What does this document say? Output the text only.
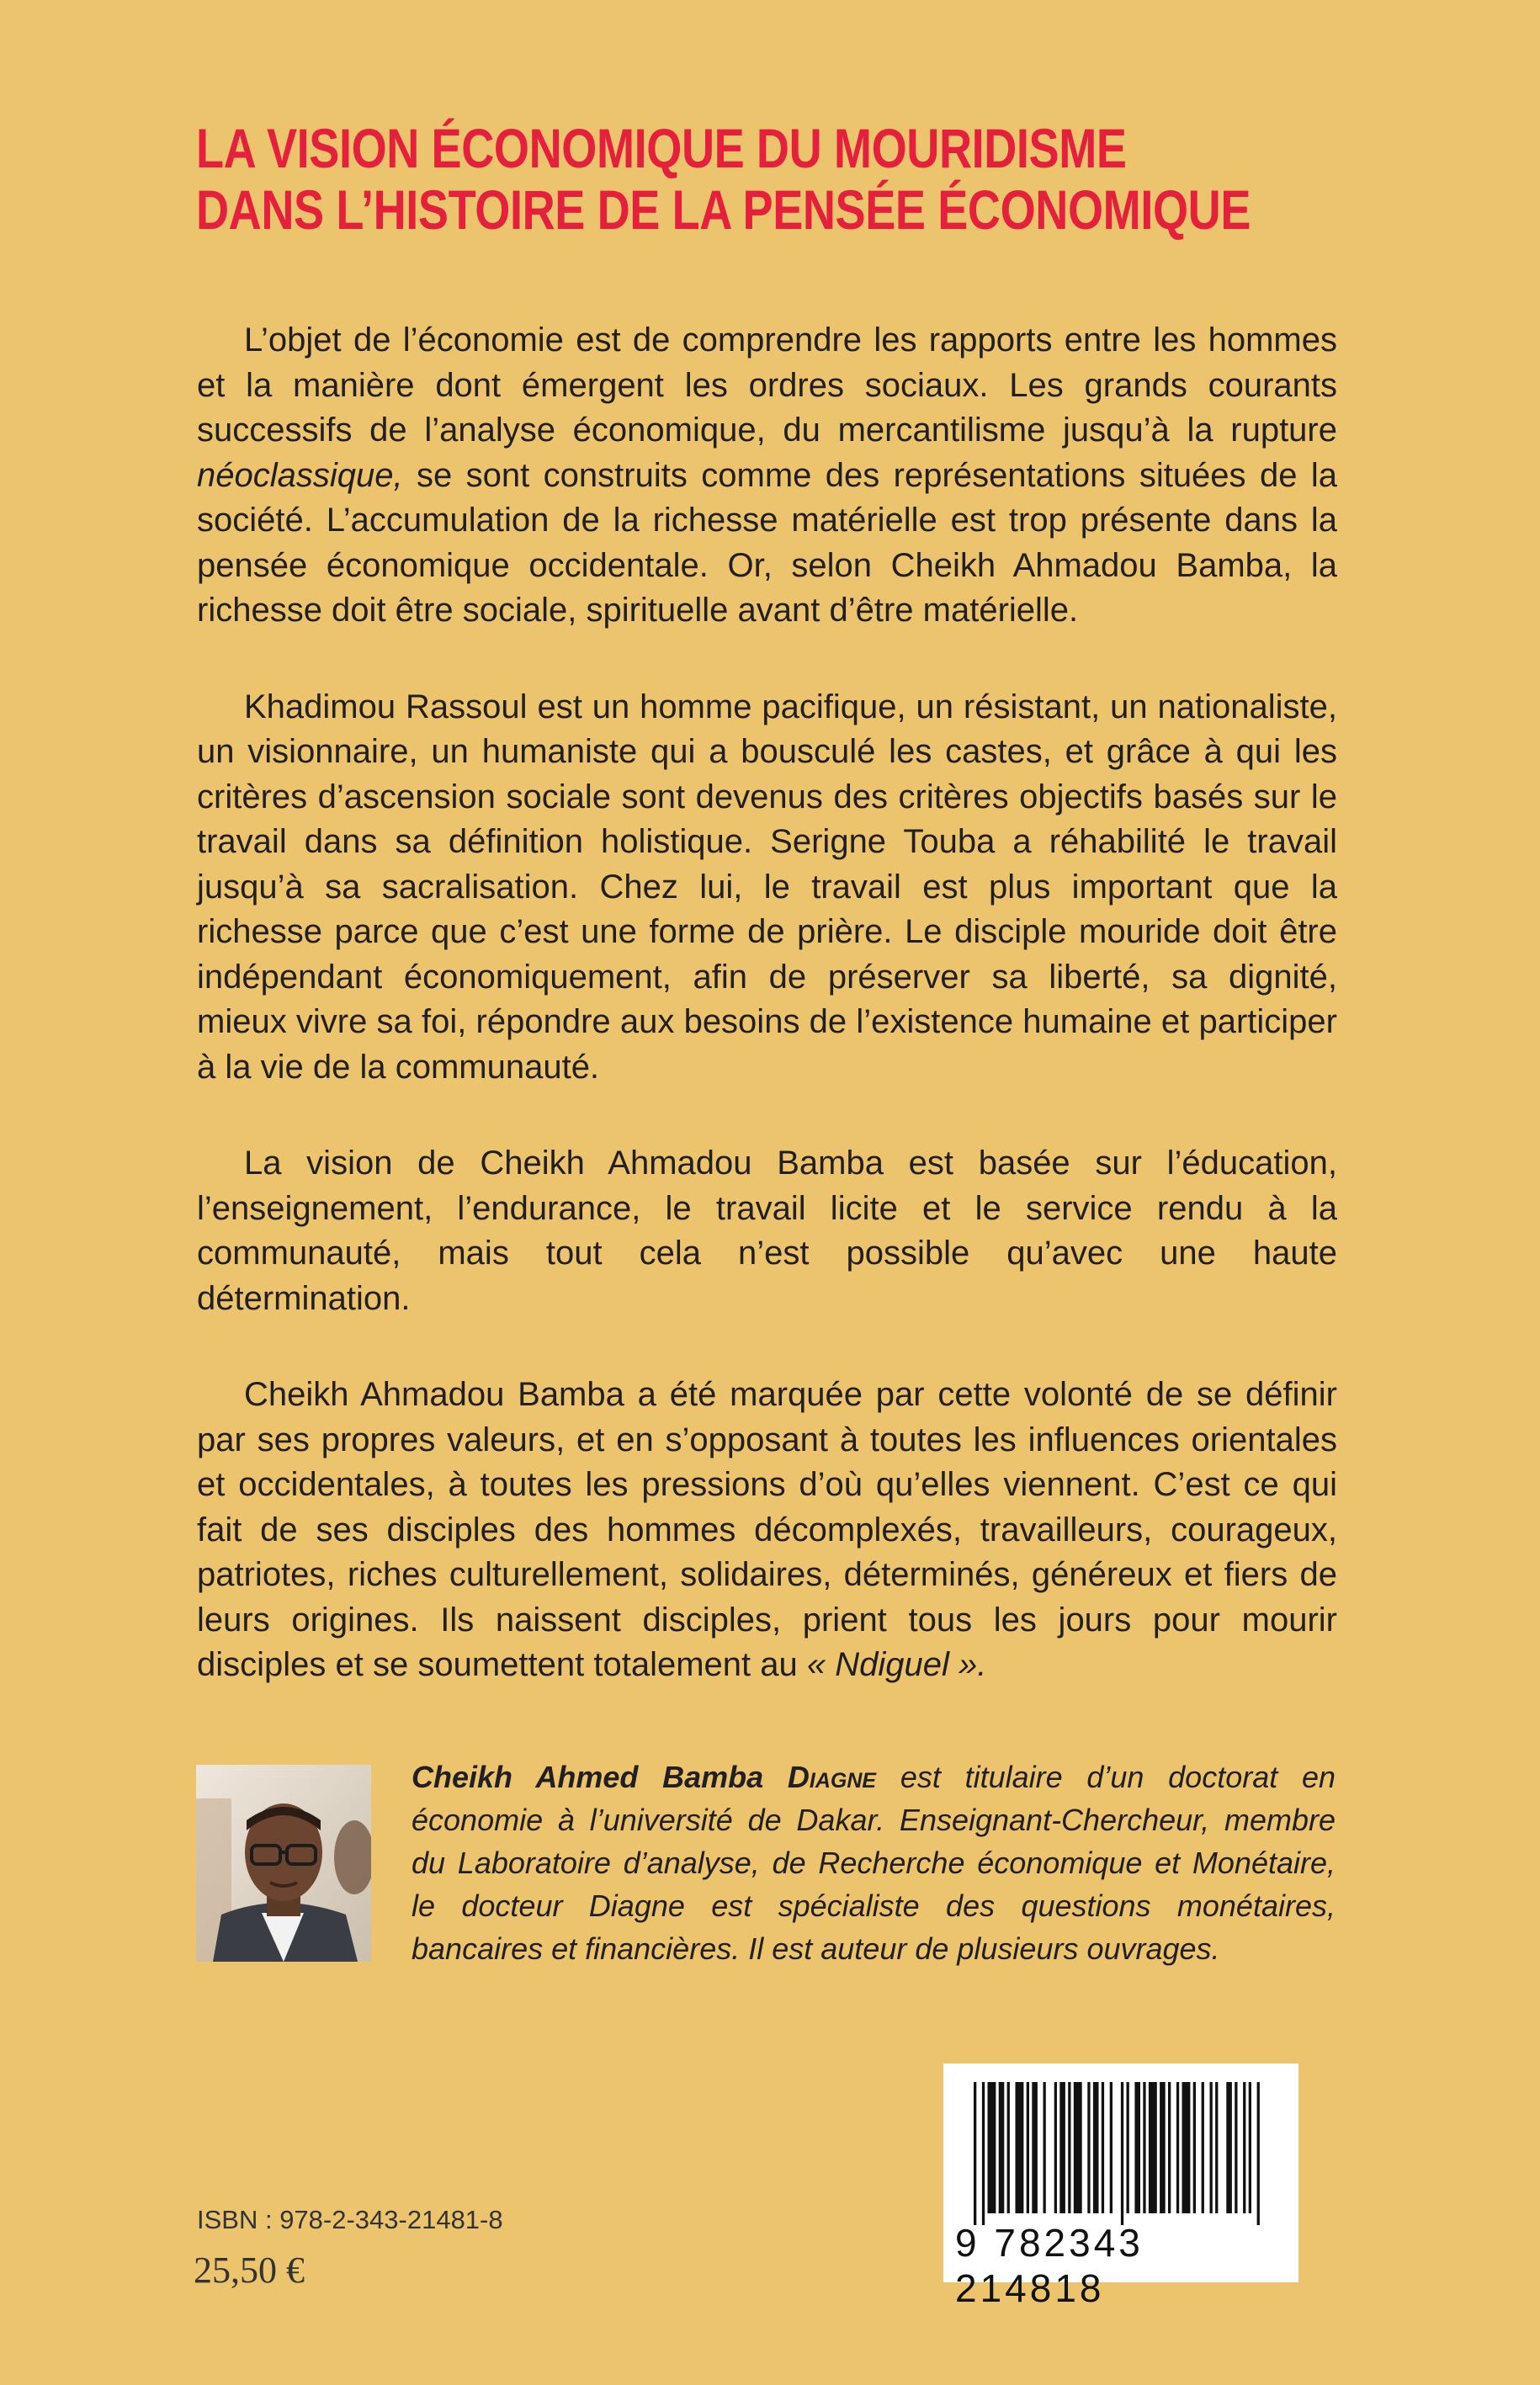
LA VISION ÉCONOMIQUE DU MOURIDISME
DANS L’HISTOIRE DE LA PENSÉE ÉCONOMIQUE

L’objet de l’économie est de comprendre les rapports entre les hommes et la manière dont émergent les ordres sociaux. Les grands courants successifs de l’analyse économique, du mercantilisme jusqu’à la rupture néoclassique, se sont construits comme des représentations situées de la société. L’accumulation de la richesse matérielle est trop présente dans la pensée économique occidentale. Or, selon Cheikh Ahmadou Bamba, la richesse doit être sociale, spirituelle avant d’être matérielle.

Khadimou Rassoul est un homme pacifique, un résistant, un nationaliste, un visionnaire, un humaniste qui a bousculé les castes, et grâce à qui les critères d’ascension sociale sont devenus des critères objectifs basés sur le travail dans sa définition holistique. Serigne Touba a réhabilité le travail jusqu’à sa sacralisation. Chez lui, le travail est plus important que la richesse parce que c’est une forme de prière. Le disciple mouride doit être indépendant économiquement, afin de préserver sa liberté, sa dignité, mieux vivre sa foi, répondre aux besoins de l’existence humaine et participer à la vie de la communauté.

La vision de Cheikh Ahmadou Bamba est basée sur l’éducation, l’enseignement, l’endurance, le travail licite et le service rendu à la communauté, mais tout cela n’est possible qu’avec une haute détermination.

Cheikh Ahmadou Bamba a été marquée par cette volonté de se définir par ses propres valeurs, et en s’opposant à toutes les influences orientales et occidentales, à toutes les pressions d’où qu’elles viennent. C’est ce qui fait de ses disciples des hommes décomplexés, travailleurs, courageux, patriotes, riches culturellement, solidaires, déterminés, généreux et fiers de leurs origines. Ils naissent disciples, prient tous les jours pour mourir disciples et se soumettent totalement au « Ndiguel ».

Cheikh Ahmed Bamba Diagne est titulaire d’un doctorat en économie à l’université de Dakar. Enseignant-Chercheur, membre du Laboratoire d’analyse, de Recherche économique et Monétaire, le docteur Diagne est spécialiste des questions monétaires, bancaires et financières. Il est auteur de plusieurs ouvrages.
9 782343 214818
ISBN : 978-2-343-21481-8
25,50 €
